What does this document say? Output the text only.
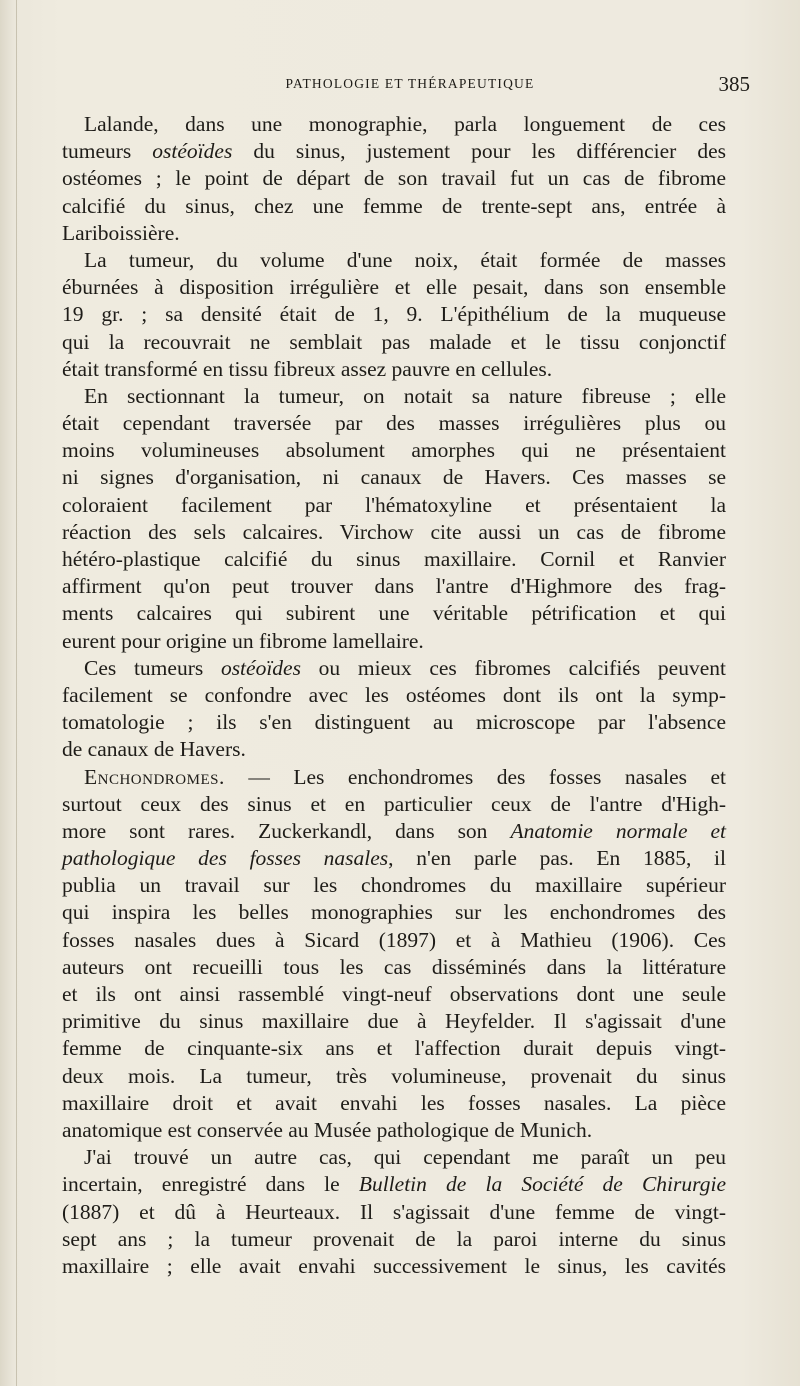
PATHOLOGIE ET THÉRAPEUTIQUE	385
Lalande, dans une monographie, parla longuement de ces
tumeurs ostéoïdes du sinus, justement pour les différencier des
ostéomes ; le point de départ de son travail fut un cas de fibrome
calcifié du sinus, chez une femme de trente-sept ans, entrée à
Lariboissière.
La tumeur, du volume d'une noix, était formée de masses
éburnées à disposition irrégulière et elle pesait, dans son ensemble
19 gr. ; sa densité était de 1, 9. L'épithélium de la muqueuse
qui la recouvrait ne semblait pas malade et le tissu conjonctif
était transformé en tissu fibreux assez pauvre en cellules.
En sectionnant la tumeur, on notait sa nature fibreuse ; elle
était cependant traversée par des masses irrégulières plus ou
moins volumineuses absolument amorphes qui ne présentaient
ni signes d'organisation, ni canaux de Havers. Ces masses se
coloraient facilement par l'hématoxyline et présentaient la
réaction des sels calcaires. Virchow cite aussi un cas de fibrome
hétéro-plastique calcifié du sinus maxillaire. Cornil et Ranvier
affirment qu'on peut trouver dans l'antre d'Highmore des frag-
ments calcaires qui subirent une véritable pétrification et qui
eurent pour origine un fibrome lamellaire.
Ces tumeurs ostéoïdes ou mieux ces fibromes calcifiés peuvent
facilement se confondre avec les ostéomes dont ils ont la symp-
tomatologie ; ils s'en distinguent au microscope par l'absence
de canaux de Havers.
Enchondromes. — Les enchondromes des fosses nasales et
surtout ceux des sinus et en particulier ceux de l'antre d'High-
more sont rares. Zuckerkandl, dans son Anatomie normale et
pathologique des fosses nasales, n'en parle pas. En 1885, il
publia un travail sur les chondromes du maxillaire supérieur
qui inspira les belles monographies sur les enchondromes des
fosses nasales dues à Sicard (1897) et à Mathieu (1906). Ces
auteurs ont recueilli tous les cas disséminés dans la littérature
et ils ont ainsi rassemblé vingt-neuf observations dont une seule
primitive du sinus maxillaire due à Heyfelder. Il s'agissait d'une
femme de cinquante-six ans et l'affection durait depuis vingt-
deux mois. La tumeur, très volumineuse, provenait du sinus
maxillaire droit et avait envahi les fosses nasales. La pièce
anatomique est conservée au Musée pathologique de Munich.
J'ai trouvé un autre cas, qui cependant me paraît un peu
incertain, enregistré dans le Bulletin de la Société de Chirurgie
(1887) et dû à Heurteaux. Il s'agissait d'une femme de vingt-
sept ans ; la tumeur provenait de la paroi interne du sinus
maxillaire ; elle avait envahi successivement le sinus, les cavités
